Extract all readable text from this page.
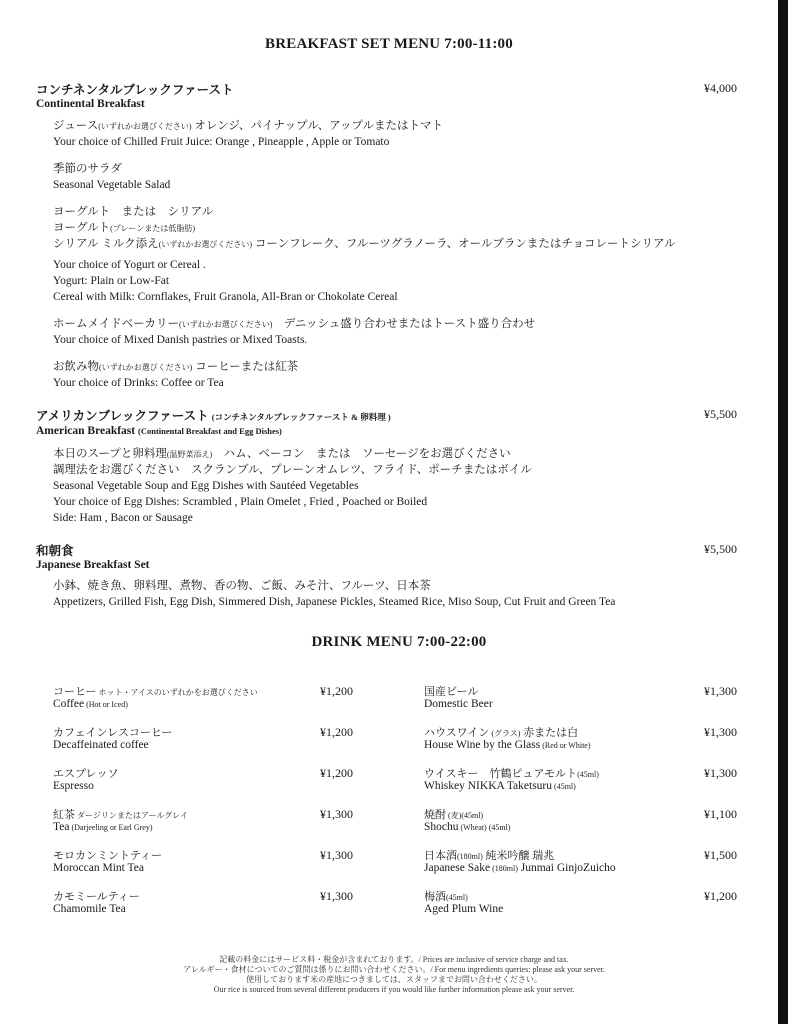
BREAKFAST SET MENU 7:00-11:00
コンチネンタルブレックファースト	¥4,000
Continental Breakfast
ジュース(いずれかお選びください) オレンジ、パイナップル、アップルまたはトマト
Your choice of Chilled Fruit Juice: Orange , Pineapple , Apple or Tomato
季節のサラダ
Seasonal Vegetable Salad
ヨーグルト　または　シリアル
ヨーグルト(プレーンまたは低脂肪)
シリアル ミルク添え(いずれかお選びください) コーンフレーク、フルーツグラノーラ、オールブランまたはチョコレートシリアル
Your choice of Yogurt or Cereal .
Yogurt: Plain or Low-Fat
Cereal with Milk: Cornflakes, Fruit Granola, All-Bran or Chokolate Cereal
ホームメイドベーカリー(いずれかお選びください)　デニッシュ盛り合わせまたはトースト盛り合わせ
Your choice of Mixed Danish pastries or Mixed Toasts.
お飲み物(いずれかお選びください) コーヒーまたは紅茶
Your choice of Drinks: Coffee or Tea
アメリカンブレックファースト (コンチネンタルブレックファースト & 卵料理 )	¥5,500
American Breakfast (Continental Breakfast and Egg Dishes)
本日のスープと卵料理(温野菜添え)　ハム、ベーコン　または　ソーセージをお選びください
調理法をお選びください　スクランブル、プレーンオムレツ、フライド、ポーチまたはボイル
Seasonal Vegetable Soup and Egg Dishes with Sautéed Vegetables
Your choice of Egg Dishes: Scrambled , Plain Omelet , Fried , Poached or Boiled
Side: Ham , Bacon or Sausage
和朝食	¥5,500
Japanese Breakfast Set
小鉢、焼き魚、卵料理、煮物、香の物、ご飯、みそ汁、フルーツ、日本茶
Appetizers, Grilled Fish, Egg Dish, Simmered Dish, Japanese Pickles, Steamed Rice, Miso Soup, Cut Fruit and Green Tea
DRINK MENU 7:00-22:00
コーヒー ホット・アイスのいずれかをお選びください
Coffee (Hot or Iced)
¥1,200
カフェインレスコーヒー
Decaffeinated coffee
¥1,200
エスプレッソ
Espresso
¥1,200
紅茶 ダージリンまたはアールグレイ
Tea (Darjeeling or Earl Grey)
¥1,300
モロカンミントティー
Moroccan Mint Tea
¥1,300
カモミールティー
Chamomile Tea
¥1,300
国産ビール
Domestic Beer
¥1,300
ハウスワイン (グラス) 赤または白
House Wine by the Glass (Red or White)
¥1,300
ウイスキー　竹鶴ピュアモルト(45ml)
Whiskey NIKKA Taketsuru (45ml)
¥1,300
焼酎 (麦)(45ml)
Shochu (Wheat) (45ml)
¥1,100
日本酒(180ml) 純米吟醸 瑞兆
Japanese Sake (180ml) Junmai GinjoZuicho
¥1,500
梅酒(45ml)
Aged Plum Wine
¥1,200
記載の料金にはサービス料・税金が含まれております。/ Prices are inclusive of service charge and tax.
アレルギー・食材についてのご質問は係りにお問い合わせください。/ For menu ingredients queries: please ask your server.
使用しております米の産地につきましては、スタッフまでお問い合わせください。
Our rice is sourced from several different producers if you would like further information please ask your server.
